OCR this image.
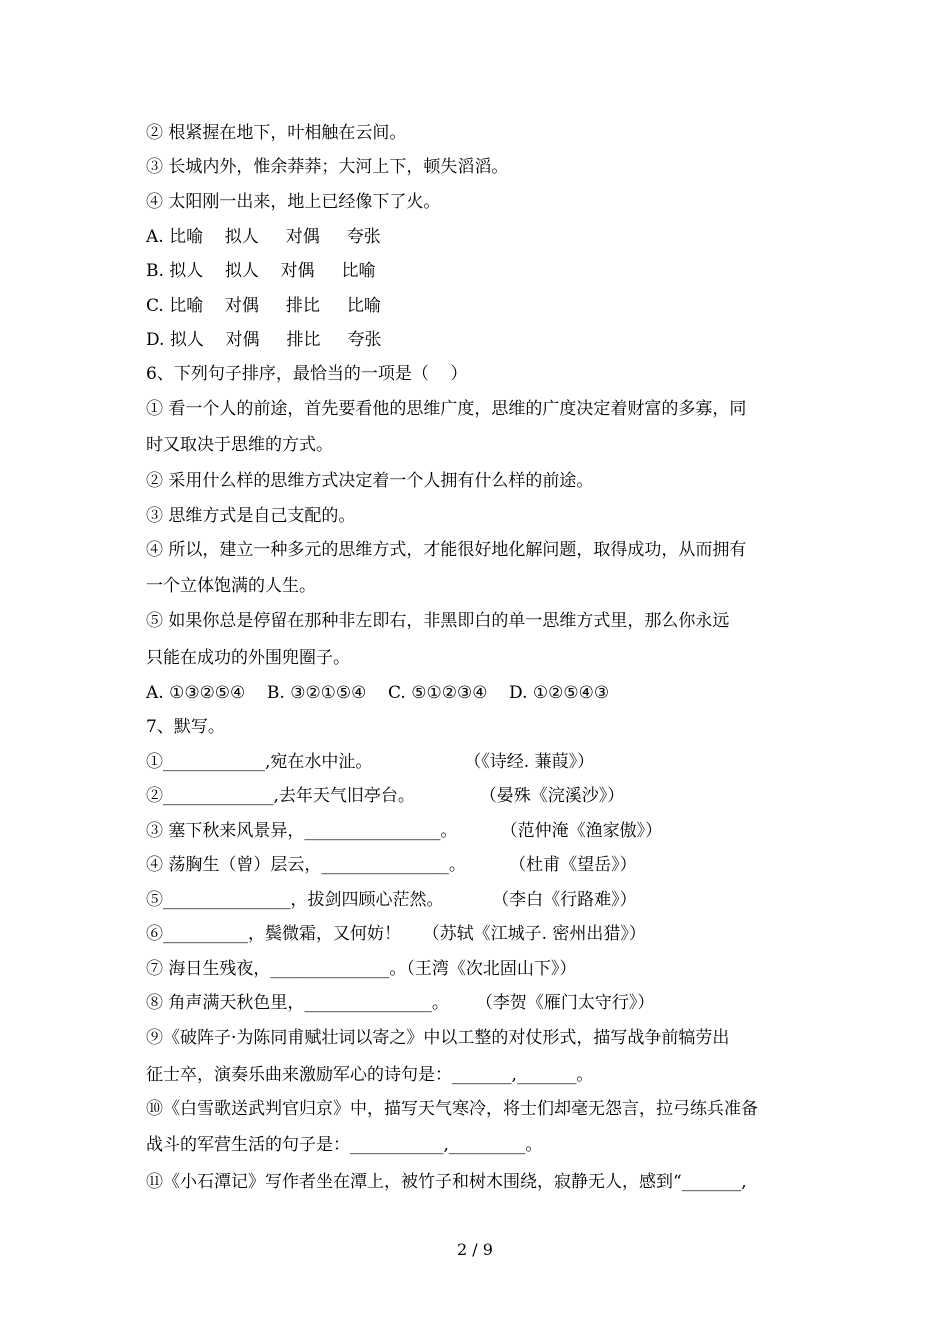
② 根紧握在地下，叶相触在云间。
③ 长城内外，惟余莽莽；大河上下，顿失滔滔。
④ 太阳刚一出来，地上已经像下了火。
A. 比喻    拟人     对偶     夸张
B. 拟人    拟人    对偶     比喻
C. 比喻    对偶     排比     比喻
D. 拟人    对偶     排比     夸张
6、下列句子排序，最恰当的一项是（    ）
① 看一个人的前途，首先要看他的思维广度，思维的广度决定着财富的多寡，同
时又取决于思维的方式。
② 采用什么样的思维方式决定着一个人拥有什么样的前途。
③ 思维方式是自己支配的。
④ 所以，建立一种多元的思维方式，才能很好地化解问题，取得成功，从而拥有
一个立体饱满的人生。
⑤ 如果你总是停留在那种非左即右，非黑即白的单一思维方式里，那么你永远
只能在成功的外围兜圈子。
A. ①③②⑤④    B. ③②①⑤④    C. ⑤①②③④    D. ①②⑤④③
7、默写。
①____________,宛在水中沚。                 （《诗经. 蒹葭》）
②_____________,去年天气旧亭台。            （晏殊《浣溪沙》）
③ 塞下秋来风景异，________________。        （范仲淹《渔家傲》）
④ 荡胸生（曾）层云，_______________。        （杜甫《望岳》）
⑤_______________，拔剑四顾心茫然。         （李白《行路难》）
⑥__________，鬓微霜，又何妨！    （苏轼《江城子. 密州出猎》）
⑦ 海日生残夜，______________。（王湾《次北固山下》）
⑧ 角声满天秋色里，_______________。     （李贺《雁门太守行》）
⑨《破阵子·为陈同甫赋壮词以寄之》中以工整的对仗形式，描写战争前犒劳出
征士卒，演奏乐曲来激励军心的诗句是：_______,_______。
⑩《白雪歌送武判官归京》中，描写天气寒冷，将士们却毫无怨言，拉弓练兵准备
战斗的军营生活的句子是：___________,_________。
⑪《小石潭记》写作者坐在潭上，被竹子和树木围绕，寂静无人，感到“_______,
2 / 9
